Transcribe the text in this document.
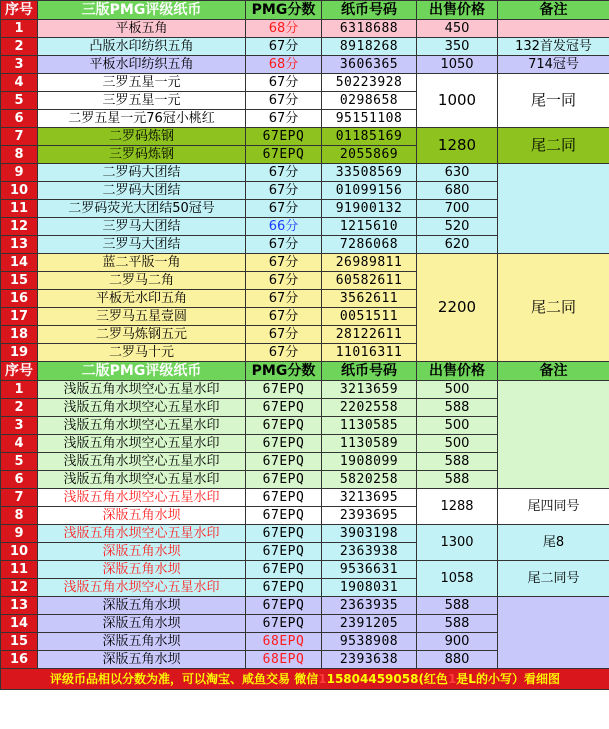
序号	三版PMG评级纸币	PMG分数	纸币号码	出售价格	备注
1	平板五角	68分	6318688	450	
2	凸版水印纺织五角	67分	8918268	350	132首发冠号
3	平板水印纺织五角	68分	3606365	1050	714冠号
4	三罗五星一元	67分	50223928	1000	尾一同
5	三罗五星一元	67分	0298658		
6	二罗五星一元76冠小桃红	67分	95151108		
7	二罗码炼钢	67EPQ	01185169	1280	尾二同
8	三罗码炼钢	67EPQ	2055869		
9	二罗码大团结	67分	33508569	630	
10	二罗码大团结	67分	01099156	680	
11	二罗码荧光大团结50冠号	67分	91900132	700	
12	三罗马大团结	66分	1215610	520	
13	三罗马大团结	67分	7286068	620	
14	蓝二平版一角	67分	26989811	2200	尾二同
15	二罗马二角	67分	60582611		
16	平板无水印五角	67分	3562611		
17	三罗马五星壹圆	67分	0051511		
18	二罗马炼钢五元	67分	28122611		
19	二罗马十元	67分	11016311		
序号	二版PMG评级纸币	PMG分数	纸币号码	出售价格	备注
1	浅版五角水坝空心五星水印	67EPQ	3213659	500	
2	浅版五角水坝空心五星水印	67EPQ	2202558	588	
3	浅版五角水坝空心五星水印	67EPQ	1130585	500	
4	浅版五角水坝空心五星水印	67EPQ	1130589	500	
5	浅版五角水坝空心五星水印	67EPQ	1908099	588	
6	浅版五角水坝空心五星水印	67EPQ	5820258	588	
7	浅版五角水坝空心五星水印	67EPQ	3213695	1288	尾四同号
8	深版五角水坝	67EPQ	2393695		
9	浅版五角水坝空心五星水印	67EPQ	3903198	1300	尾8
10	深版五角水坝	67EPQ	2363938		
11	深版五角水坝	67EPQ	9536631	1058	尾二同号
12	浅版五角水坝空心五星水印	67EPQ	1908031		
13	深版五角水坝	67EPQ	2363935	588	
14	深版五角水坝	67EPQ	2391205	588	
15	深版五角水坝	68EPQ	9538908	900	
16	深版五角水坝	68EPQ	2393638	880	
评级币品相以分数为准，可以淘宝、咸鱼交易 微信115804459058(红色1是L的小写）看细图					
